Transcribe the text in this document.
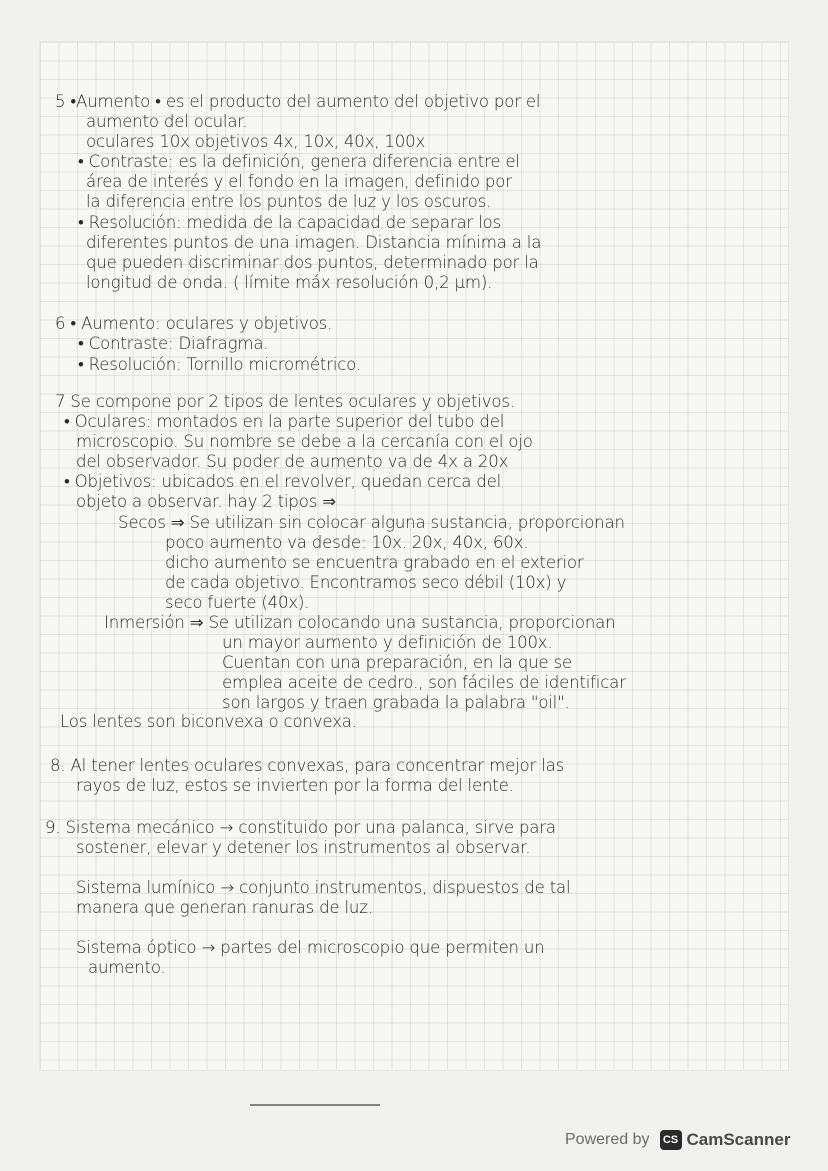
5 •Aumento • es el producto del aumento del objetivo por el
aumento del ocular.
oculares 10x objetivos 4x, 10x, 40x, 100x
• Contraste: es la definición, genera diferencia entre el
área de interés y el fondo en la imagen, definido por
la diferencia entre los puntos de luz y los oscuros.
• Resolución: medida de la capacidad de separar los
diferentes puntos de una imagen. Distancia mínima a la
que pueden discriminar dos puntos, determinado por la
longitud de onda. ( límite máx resolución 0,2 µm).
6 • Aumento: oculares y objetivos.
• Contraste: Diafragma.
• Resolución: Tornillo micrométrico.
7 Se compone por 2 tipos de lentes oculares y objetivos.
• Oculares: montados en la parte superior del tubo del
microscopio. Su nombre se debe a la cercanía con el ojo
del observador. Su poder de aumento va de 4x a 20x
• Objetivos: ubicados en el revolver, quedan cerca del
objeto a observar. hay 2 tipos ⇒
Secos ⇒ Se utilizan sin colocar alguna sustancia, proporcionan
poco aumento va desde: 10x. 20x, 40x, 60x.
dicho aumento se encuentra grabado en el exterior
de cada objetivo. Encontramos seco débil (10x) y
seco fuerte (40x).
Inmersión ⇒ Se utilizan colocando una sustancia, proporcionan
un mayor aumento y definición de 100x.
Cuentan con una preparación, en la que se
emplea aceite de cedro., son fáciles de identificar
son largos y traen grabada la palabra "oil".
Los lentes son biconvexa o convexa.
8. Al tener lentes oculares convexas, para concentrar mejor las
rayos de luz, estos se invierten por la forma del lente.
9. Sistema mecánico → constituido por una palanca, sirve para
sostener, elevar y detener los instrumentos al observar.
Sistema lumínico → conjunto instrumentos, dispuestos de tal
manera que generan ranuras de luz.
Sistema óptico → partes del microscopio que permiten un
aumento.
Powered by	CS CamScanner
